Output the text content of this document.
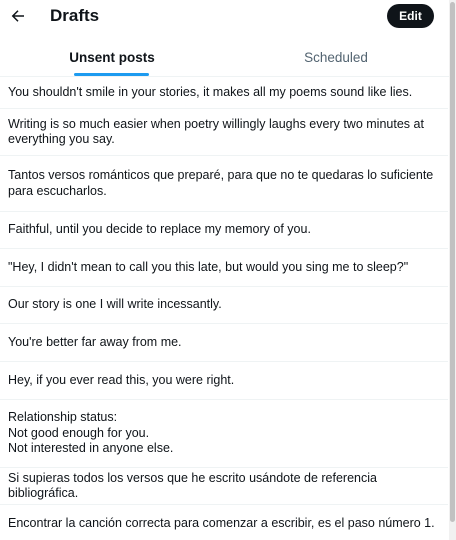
Drafts	Edit
Unsent posts	Scheduled
You shouldn't smile in your stories, it makes all my poems sound like lies.
Writing is so much easier when poetry willingly laughs every two minutes at everything you say.
Tantos versos románticos que preparé, para que no te quedaras lo suficiente para escucharlos.
Faithful, until you decide to replace my memory of you.
"Hey, I didn't mean to call you this late, but would you sing me to sleep?"
Our story is one I will write incessantly.
You're better far away from me.
Hey, if you ever read this, you were right.
Relationship status:
Not good enough for you.
Not interested in anyone else.
Si supieras todos los versos que he escrito usándote de referencia bibliográfica.
Encontrar la canción correcta para comenzar a escribir, es el paso número 1.
